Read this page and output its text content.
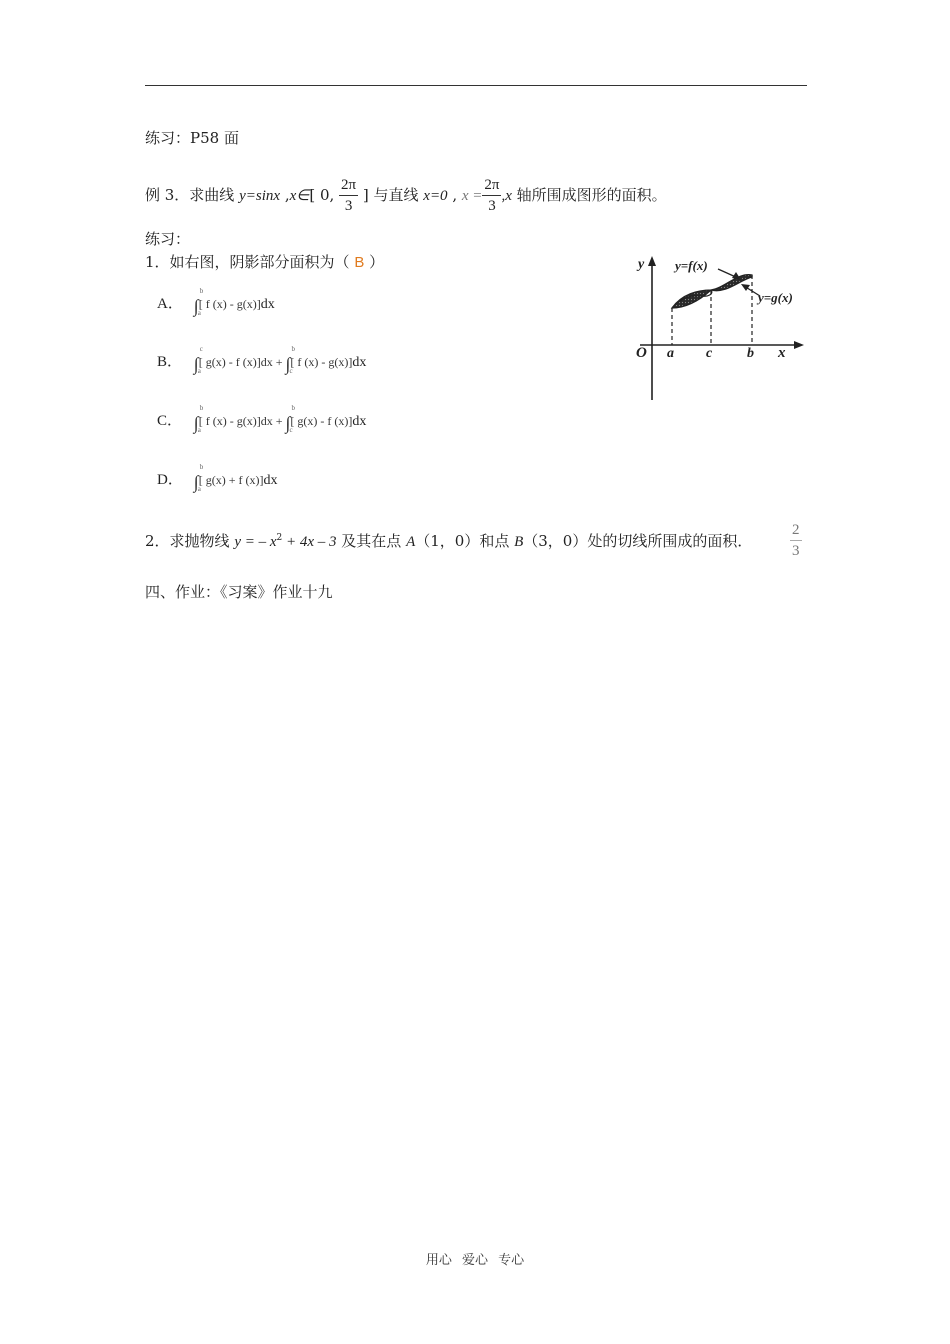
练习：P58 面
例 3．求曲线 y=sinx ,x∈[ 0, $\frac{2\pi}{3}$ ] 与直线 x=0 , $x = \frac{2\pi}{3} ,x$ 轴所围成图形的面积。
练习：
1．如右图，阴影部分面积为（ B ）
A． ∫
b
a
[ f (x) - g(x)]dx
B． ∫
c
a
[ g(x) - f (x)]dx + ∫
b
c
[ f (x) - g(x)]dx
C． ∫
b
a
[ f (x) - g(x)]dx + ∫
b
c
[ g(x) - f (x)]dx
D． ∫
b
a
[ g(x) + f (x)]dx
y
x
O a c b
y=f(x)
y=g(x)
2．求抛物线 y = – $x^2 + 4x - 3$ 及其在点 A（1，0）和点 B（3，0）处的切线所围成的面积．	$\frac{2}{3}$
四、作业：《习案》作业十九
用心 爱心 专心
